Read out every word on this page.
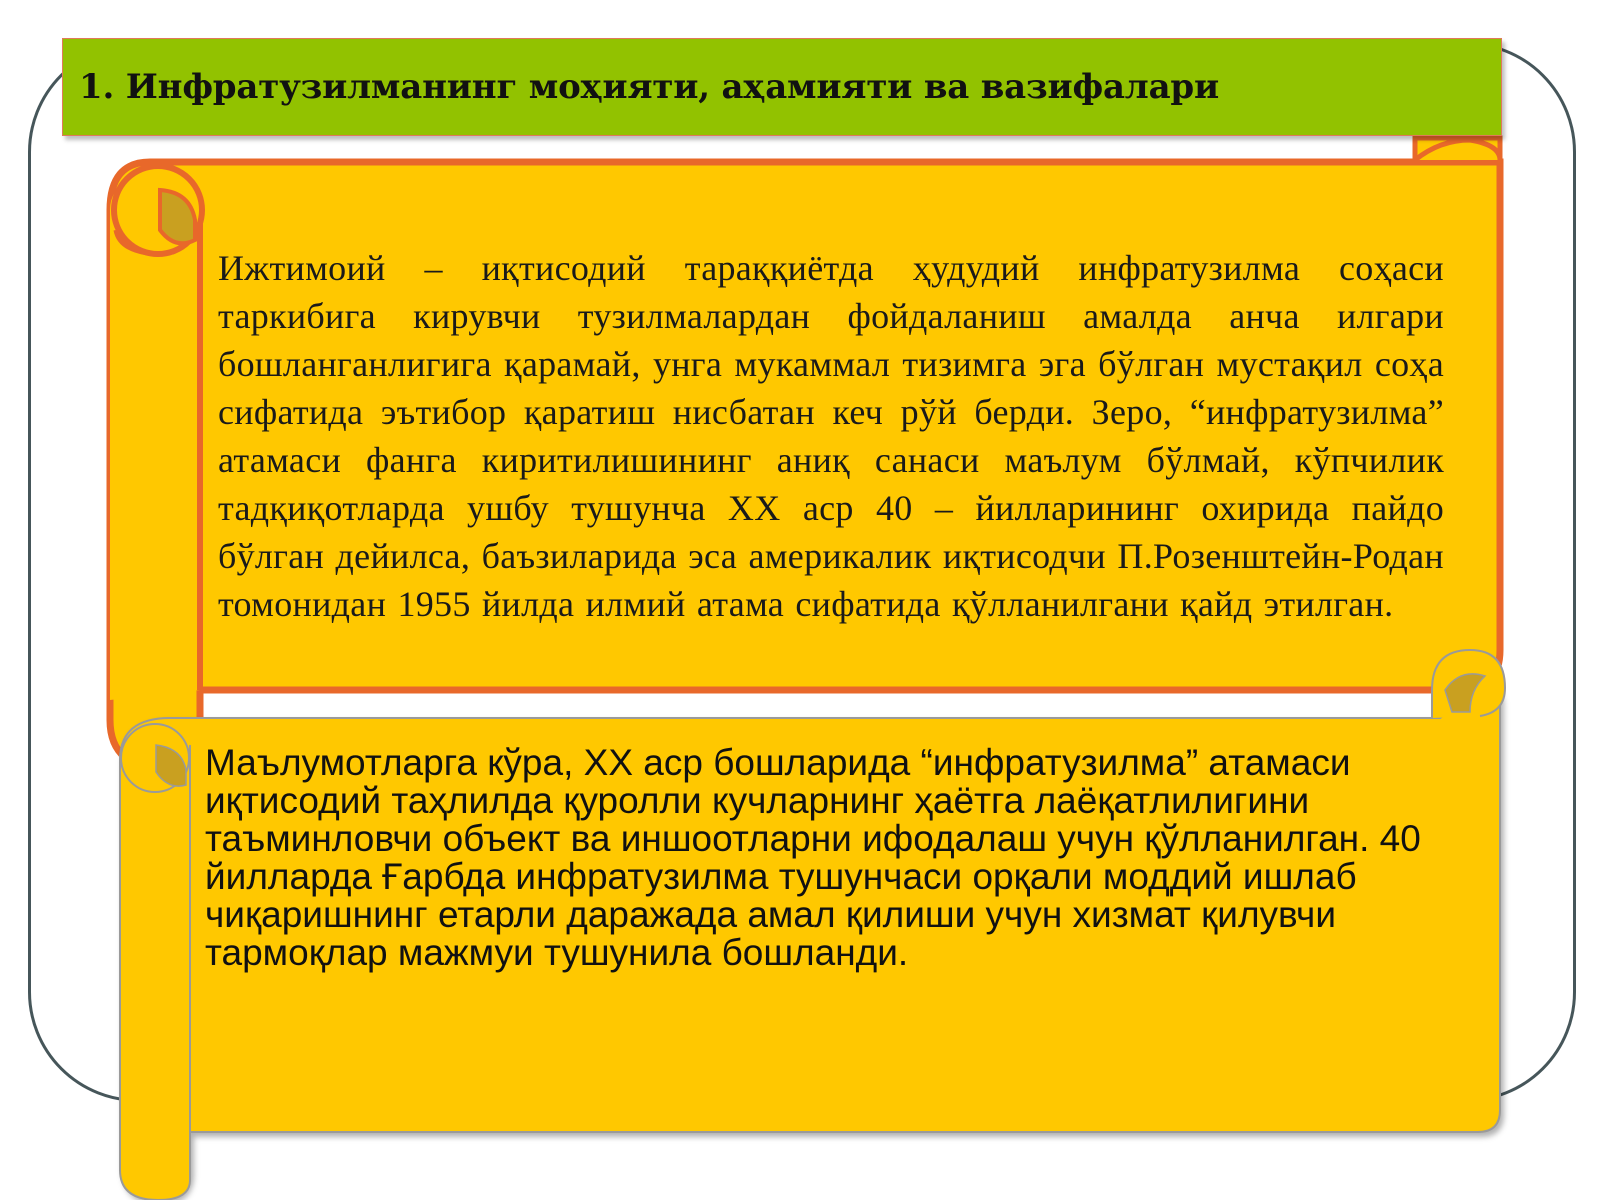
1. Инфратузилманинг моҳияти, аҳамияти ва вазифалари
Ижтимоий – иқтисодий тараққиётда ҳудудий инфратузилма соҳаси таркибига кирувчи тузилмалардан фойдаланиш амалда анча илгари бошланганлигига қарамай, унга мукаммал тизимга эга бўлган мустақил соҳа сифатида эътибор қаратиш нисбатан кеч рўй берди. Зеро, “инфратузилма” атамаси фанга киритилишининг аниқ санаси маълум бўлмай, кўпчилик тадқиқотларда ушбу тушунча XX аср 40 – йилларининг охирида пайдо бўлган дейилса, баъзиларида эса америкалик иқтисодчи П.Розенштейн-Родан томонидан 1955 йилда илмий атама сифатида қўлланилгани қайд этилган.
Маълумотларга кўра, XX аср бошларида “инфратузилма” атамаси иқтисодий таҳлилда қуролли кучларнинг ҳаётга лаёқатлилигини таъминловчи объект ва иншоотларни ифодалаш учун қўлланилган. 40 йилларда Ғарбда инфратузилма тушунчаси орқали моддий ишлаб чиқаришнинг етарли даражада амал қилиши учун хизмат қилувчи тармоқлар мажмуи тушунила бошланди.
